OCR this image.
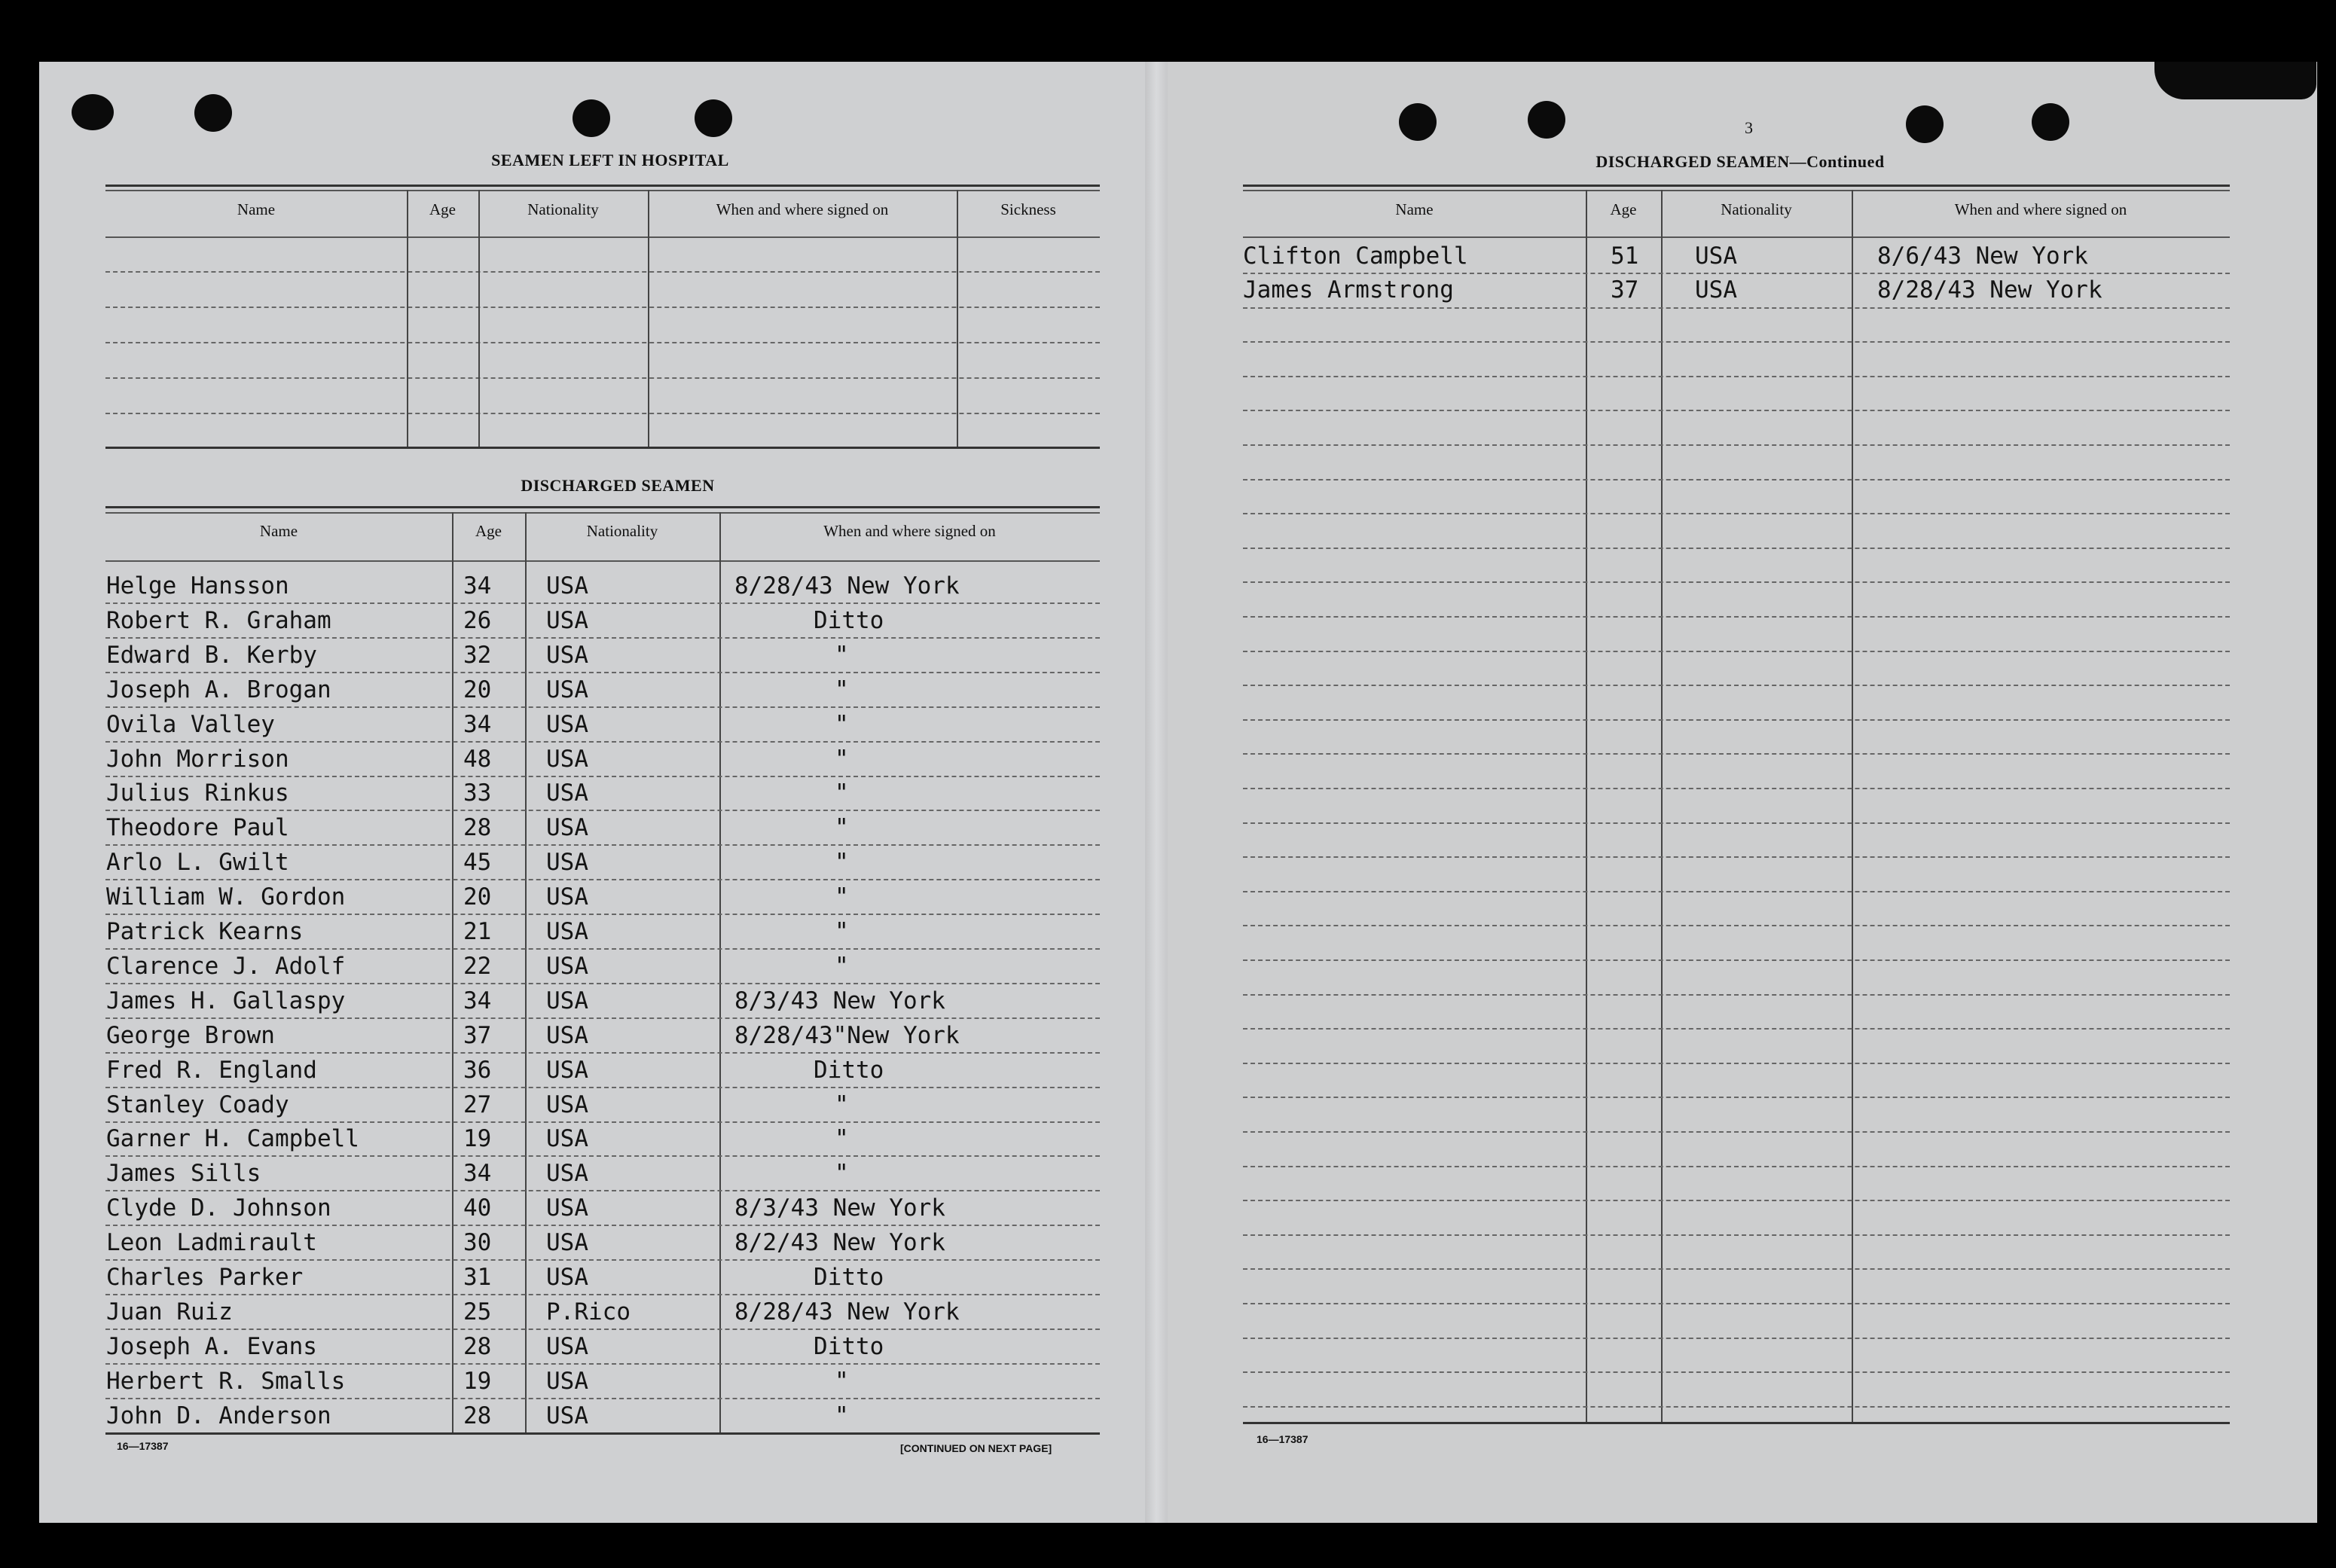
SEAMEN LEFT IN HOSPITAL
Name	Age	Nationality	When and where signed on	Sickness
DISCHARGED SEAMEN
Name	Age	Nationality	When and where signed on
Helge Hansson	34 USA	8/28/43 New York
Robert R. Graham	26 USA	Ditto
Edward B. Kerby	32 USA	"
Joseph A. Brogan	20 USA	"
Ovila Valley	34 USA	"
John Morrison	48 USA	"
Julius Rinkus	33 USA	"
Theodore Paul	28 USA	"
Arlo L. Gwilt	45 USA	"
William W. Gordon	20 USA	"
Patrick Kearns	21 USA	"
Clarence J. Adolf	22 USA	"
James H. Gallaspy	34 USA	8/3/43 New York
George Brown	37 USA	8/28/43"New York
Fred R. England	36 USA	Ditto
Stanley Coady	27 USA	"
Garner H. Campbell	19 USA	"
James Sills	34 USA	"
Clyde D. Johnson	40 USA	8/3/43 New York
Leon Ladmirault	30 USA	8/2/43 New York
Charles Parker	31 USA	Ditto
Juan Ruiz	25 P.Rico	8/28/43 New York
Joseph A. Evans	28 USA	Ditto
Herbert R. Smalls	19 USA	"
John D. Anderson	28 USA	"
16—17387	[CONTINUED ON NEXT PAGE]
3
DISCHARGED SEAMEN—Continued
Name	Age	Nationality	When and where signed on
Clifton Campbell	51 USA	8/6/43 New York
James Armstrong	37 USA	8/28/43 New York
16—17387
